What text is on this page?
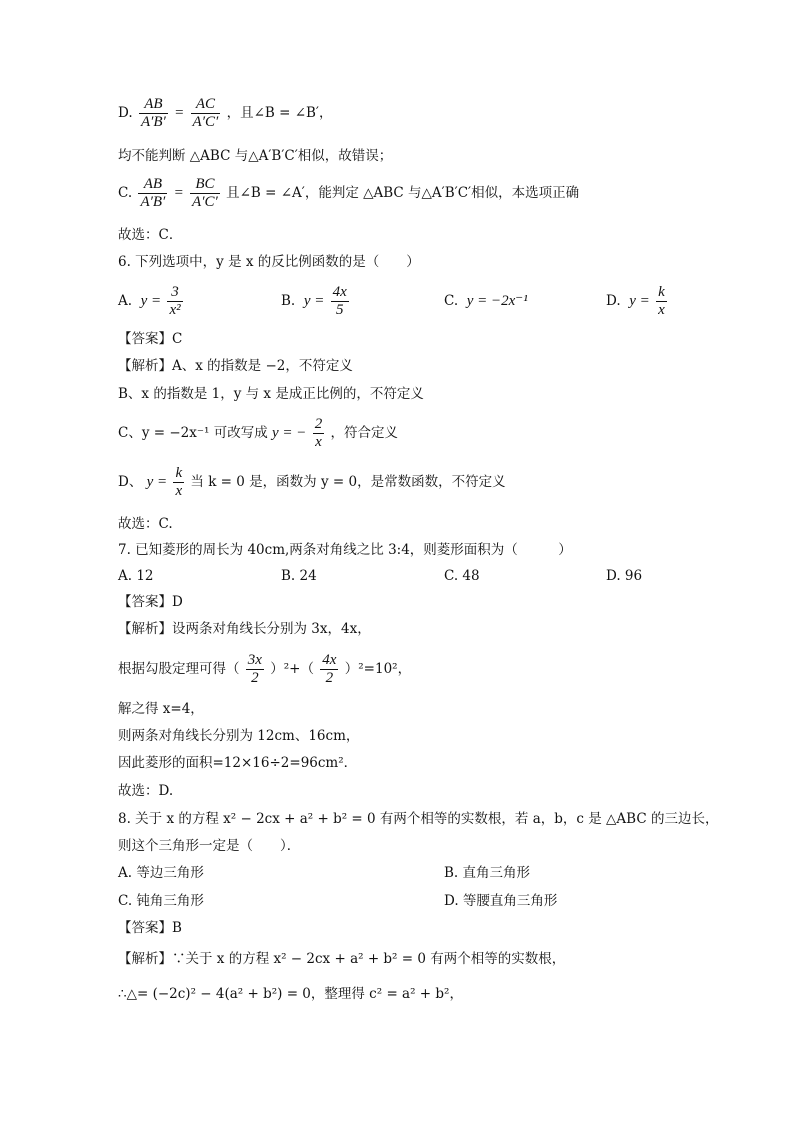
D. $\frac{AB}{A'B'} = \frac{AC}{A'C'}$ ，且∠B = ∠B′，
均不能判断 △ABC 与△A′B′C′相似，故错误；
C. $\frac{AB}{A'B'} = \frac{BC}{A'C'}$ 且∠B = ∠A′，能判定 △ABC 与△A′B′C′相似，本选项正确
故选：C．
6. 下列选项中，y 是 x 的反比例函数的是（　　）
A. $y = \frac{3}{\text{x²}}$	B. $y = \frac{4x}{5}$	C. y = −2x⁻¹	D. $y = \frac{k}{x}$
【答案】C
【解析】A、x 的指数是 −2，不符定义
B、x 的指数是 1，y 与 x 是成正比例的，不符定义
C、y = −2x⁻¹ 可改写成 y = − $\frac{2}{x}$ ，符合定义
D、 $y = \frac{k}{x}$ 当 k = 0 是，函数为 y = 0，是常数函数，不符定义
故选：C.
7. 已知菱形的周长为 40cm,两条对角线之比 3:4，则菱形面积为（　　　）
A. 12	B. 24	C. 48	D. 96
【答案】D
【解析】设两条对角线长分别为 3x，4x，
根据勾股定理可得（ $\frac{3x}{2} )^2+( \frac{4x}{2} )^2=10^2$，
解之得 x=4，
则两条对角线长分别为 12cm、16cm，
因此菱形的面积=12×16÷2=96cm²．
故选：D.
8. 关于 x 的方程 x² − 2cx + a² + b² = 0 有两个相等的实数根，若 a，b，c 是 △ABC 的三边长，
则这个三角形一定是（　　）．
A. 等边三角形	B. 直角三角形
C. 钝角三角形	D. 等腰直角三角形
【答案】B
【解析】∵关于 x 的方程 x² − 2cx + a² + b² = 0 有两个相等的实数根，
∴△= (−2c)² − 4(a² + b²) = 0，整理得 c² = a² + b²，
